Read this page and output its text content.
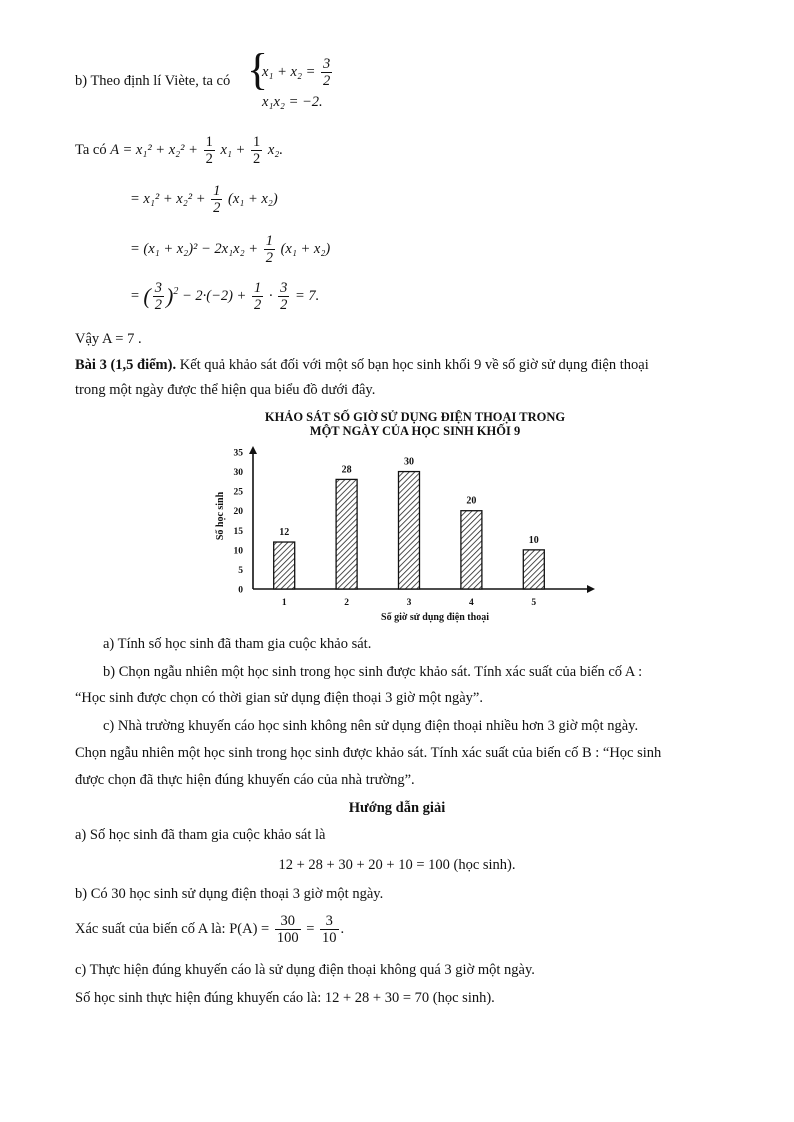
b) Theo định lí Viète, ta có {
$x_1 + x_2 = \frac{3}{2}$
x₁x₂ = −2.
Ta có $A = x_1^2 + x_2^2 + \frac{1}{2} x_1 + \frac{1}{2} x_2$.
= $x_1^2 + x_2^2 + \frac{1}{2} (x_1 + x_2)$
= $(x_1 + x_2)^2 - 2x_1x_2 + \frac{1}{2} (x_1 + x_2)$
= ( $\frac{3}{2} )^2 - 2\cdot(-2) + \frac{1}{2} \cdot \frac{3}{2} = 7$.
Vậy A = 7 .
Bài 3 (1,5 điểm). Kết quả khảo sát đối với một số bạn học sinh khối 9 về số giờ sử dụng điện thoại
trong một ngày được thể hiện qua biểu đồ dưới đây.
KHẢO SÁT SỐ GIỜ SỬ DỤNG ĐIỆN THOẠI TRONG
MỘT NGÀY CỦA HỌC SINH KHỐI 9
Số học sinh
Số giờ sử dụng điện thoại
0
5
10
15
20
25
30
35
12
1
28
2
30
3
20
4
10
5
a) Tính số học sinh đã tham gia cuộc khảo sát.
b) Chọn ngẫu nhiên một học sinh trong học sinh được khảo sát. Tính xác suất của biến cố A :
“Học sinh được chọn có thời gian sử dụng điện thoại 3 giờ một ngày”.
c) Nhà trường khuyến cáo học sinh không nên sử dụng điện thoại nhiều hơn 3 giờ một ngày.
Chọn ngẫu nhiên một học sinh trong học sinh được khảo sát. Tính xác suất của biến cố B : “Học sinh
được chọn đã thực hiện đúng khuyến cáo của nhà trường”.
Hướng dẫn giải
a) Số học sinh đã tham gia cuộc khảo sát là
12 + 28 + 30 + 20 + 10 = 100 (học sinh).
b) Có 30 học sinh sử dụng điện thoại 3 giờ một ngày.
Xác suất của biến cố A là: $P(A) = \frac{30}{100} = \frac{3}{10}$ .
c) Thực hiện đúng khuyến cáo là sử dụng điện thoại không quá 3 giờ một ngày.
Số học sinh thực hiện đúng khuyến cáo là: 12 + 28 + 30 = 70 (học sinh).
